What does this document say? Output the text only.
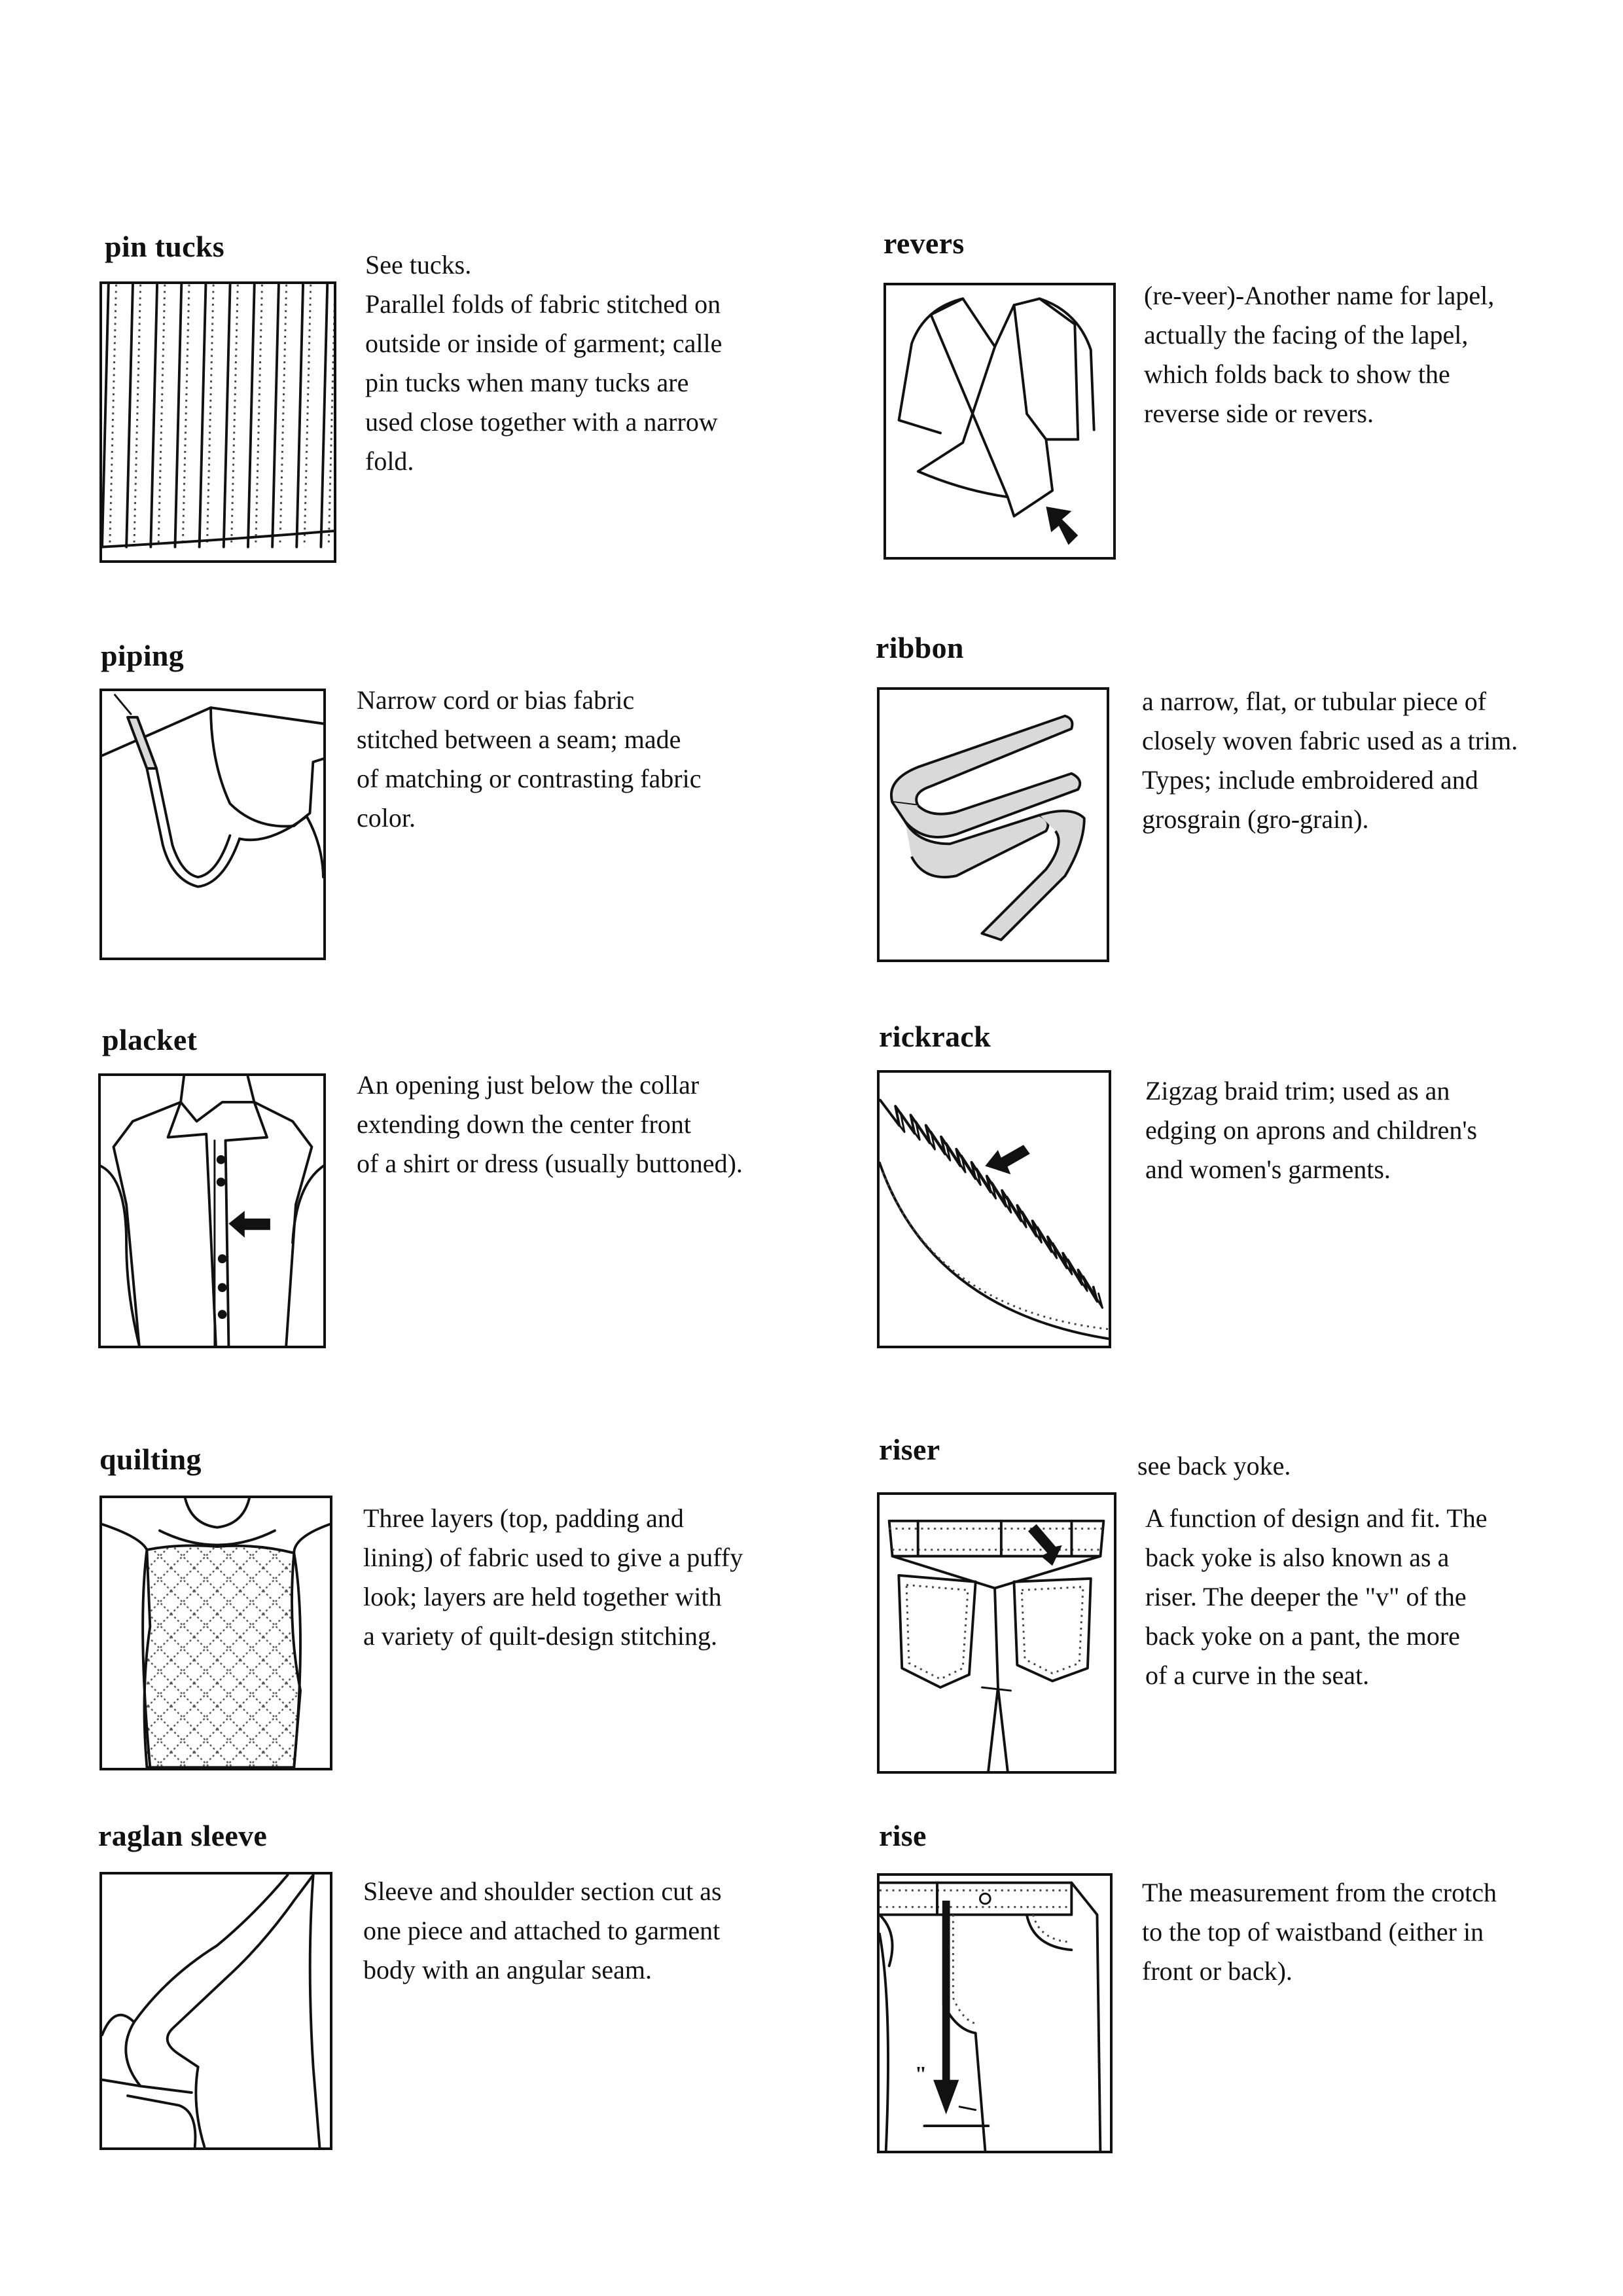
pin tucks
See tucks.
Parallel folds of fabric stitched on
outside or inside of garment; calle
pin tucks when many tucks are
used close together with a narrow
fold.
revers
(re-veer)-Another name for lapel,
actually the facing of the lapel,
which folds back to show the
reverse side or revers.
piping
Narrow cord or bias fabric
stitched between a seam; made
of matching or contrasting fabric
color.
ribbon
a narrow, flat, or tubular piece of
closely woven fabric used as a trim.
Types; include embroidered and
grosgrain (gro-grain).
placket
An opening just below the collar
extending down the center front
of a shirt or dress (usually buttoned).
rickrack
Zigzag braid trim; used as an
edging on aprons and children's
and women's garments.
quilting
Three layers (top, padding and
lining) of fabric used to give a puffy
look; layers are held together with
a variety of quilt-design stitching.
riser	see back yoke.
A function of design and fit. The
back yoke is also known as a
riser. The deeper the "v" of the
back yoke on a pant, the more
of a curve in the seat.
raglan sleeve
Sleeve and shoulder section cut as
one piece and attached to garment
body with an angular seam.
rise
"
The measurement from the crotch
to the top of waistband (either in
front or back).
